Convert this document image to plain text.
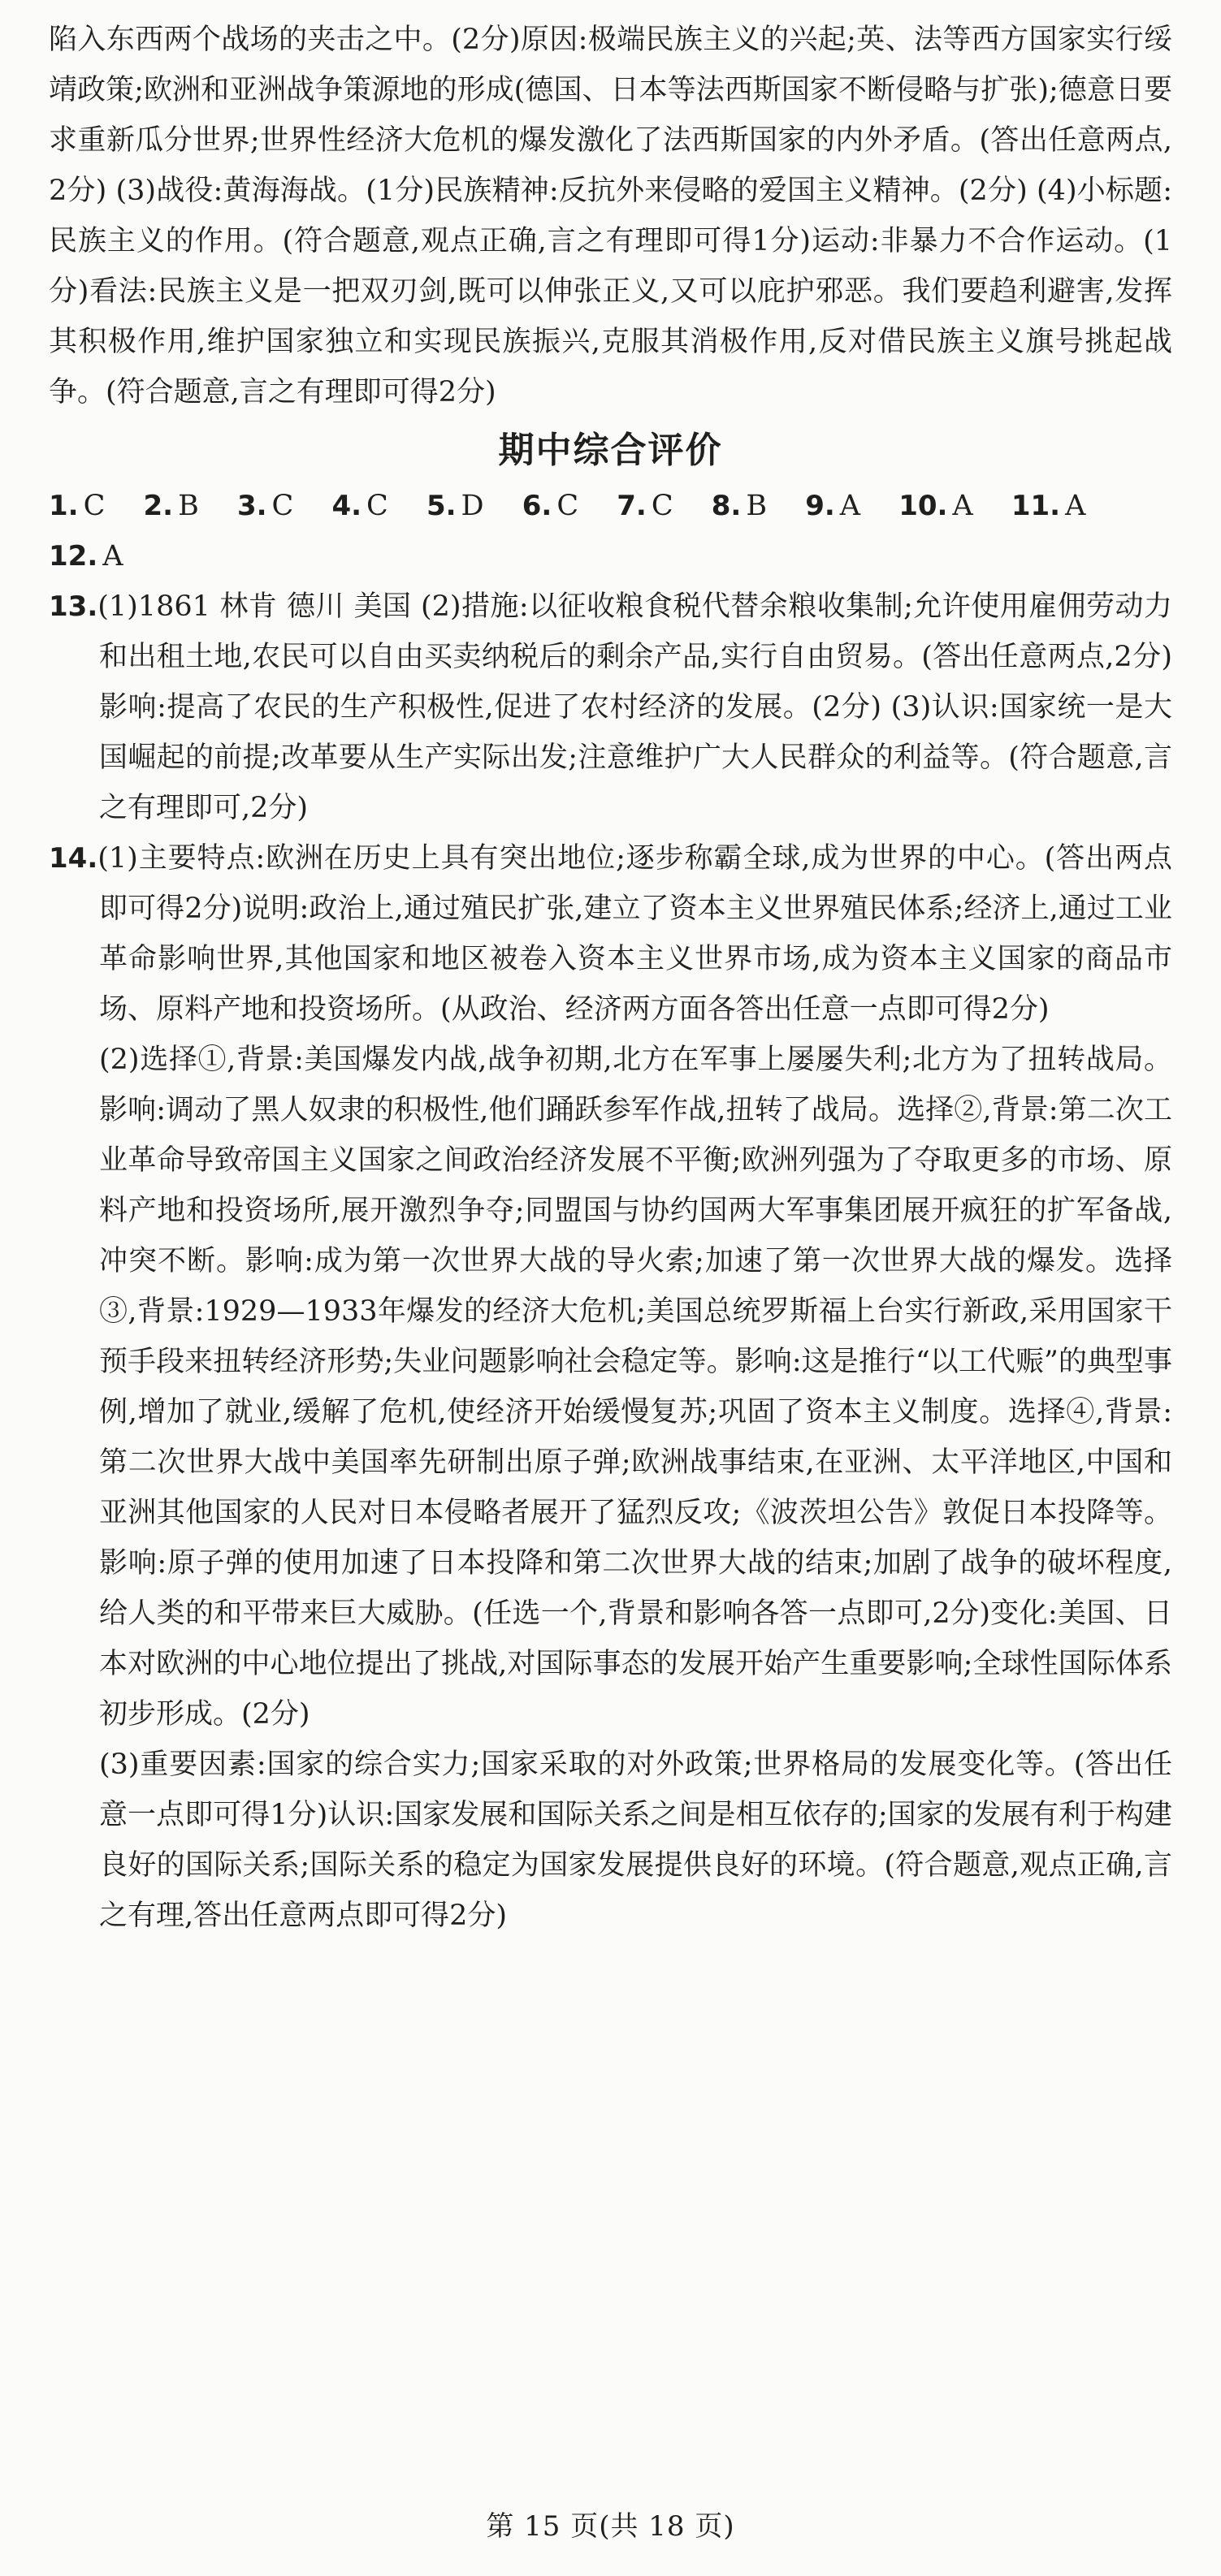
陷入东西两个战场的夹击之中。(2分)原因:极端民族主义的兴起;英、法等西方国家实行绥靖政策;欧洲和亚洲战争策源地的形成(德国、日本等法西斯国家不断侵略与扩张);德意日要求重新瓜分世界;世界性经济大危机的爆发激化了法西斯国家的内外矛盾。(答出任意两点,2分) (3)战役:黄海海战。(1分)民族精神:反抗外来侵略的爱国主义精神。(2分) (4)小标题:民族主义的作用。(符合题意,观点正确,言之有理即可得1分)运动:非暴力不合作运动。(1分)看法:民族主义是一把双刃剑,既可以伸张正义,又可以庇护邪恶。我们要趋利避害,发挥其积极作用,维护国家独立和实现民族振兴,克服其消极作用,反对借民族主义旗号挑起战争。(符合题意,言之有理即可得2分)

期中综合评价

1. C 2. B 3. C 4. C 5. D 6. C 7. C 8. B 9. A 10. A 11. A

12. A

13.(1)1861 林肯 德川 美国 (2)措施:以征收粮食税代替余粮收集制;允许使用雇佣劳动力和出租土地,农民可以自由买卖纳税后的剩余产品,实行自由贸易。(答出任意两点,2分)影响:提高了农民的生产积极性,促进了农村经济的发展。(2分) (3)认识:国家统一是大国崛起的前提;改革要从生产实际出发;注意维护广大人民群众的利益等。(符合题意,言之有理即可,2分)

14.(1)主要特点:欧洲在历史上具有突出地位;逐步称霸全球,成为世界的中心。(答出两点即可得2分)说明:政治上,通过殖民扩张,建立了资本主义世界殖民体系;经济上,通过工业革命影响世界,其他国家和地区被卷入资本主义世界市场,成为资本主义国家的商品市场、原料产地和投资场所。(从政治、经济两方面各答出任意一点即可得2分)

(2)选择①,背景:美国爆发内战,战争初期,北方在军事上屡屡失利;北方为了扭转战局。影响:调动了黑人奴隶的积极性,他们踊跃参军作战,扭转了战局。选择②,背景:第二次工业革命导致帝国主义国家之间政治经济发展不平衡;欧洲列强为了夺取更多的市场、原料产地和投资场所,展开激烈争夺;同盟国与协约国两大军事集团展开疯狂的扩军备战,冲突不断。影响:成为第一次世界大战的导火索;加速了第一次世界大战的爆发。选择③,背景:1929—1933年爆发的经济大危机;美国总统罗斯福上台实行新政,采用国家干预手段来扭转经济形势;失业问题影响社会稳定等。影响:这是推行“以工代赈”的典型事例,增加了就业,缓解了危机,使经济开始缓慢复苏;巩固了资本主义制度。选择④,背景:第二次世界大战中美国率先研制出原子弹;欧洲战事结束,在亚洲、太平洋地区,中国和亚洲其他国家的人民对日本侵略者展开了猛烈反攻;《波茨坦公告》敦促日本投降等。影响:原子弹的使用加速了日本投降和第二次世界大战的结束;加剧了战争的破坏程度,给人类的和平带来巨大威胁。(任选一个,背景和影响各答一点即可,2分)变化:美国、日本对欧洲的中心地位提出了挑战,对国际事态的发展开始产生重要影响;全球性国际体系初步形成。(2分)

(3)重要因素:国家的综合实力;国家采取的对外政策;世界格局的发展变化等。(答出任意一点即可得1分)认识:国家发展和国际关系之间是相互依存的;国家的发展有利于构建良好的国际关系;国际关系的稳定为国家发展提供良好的环境。(符合题意,观点正确,言之有理,答出任意两点即可得2分)

第 15 页(共 18 页)
